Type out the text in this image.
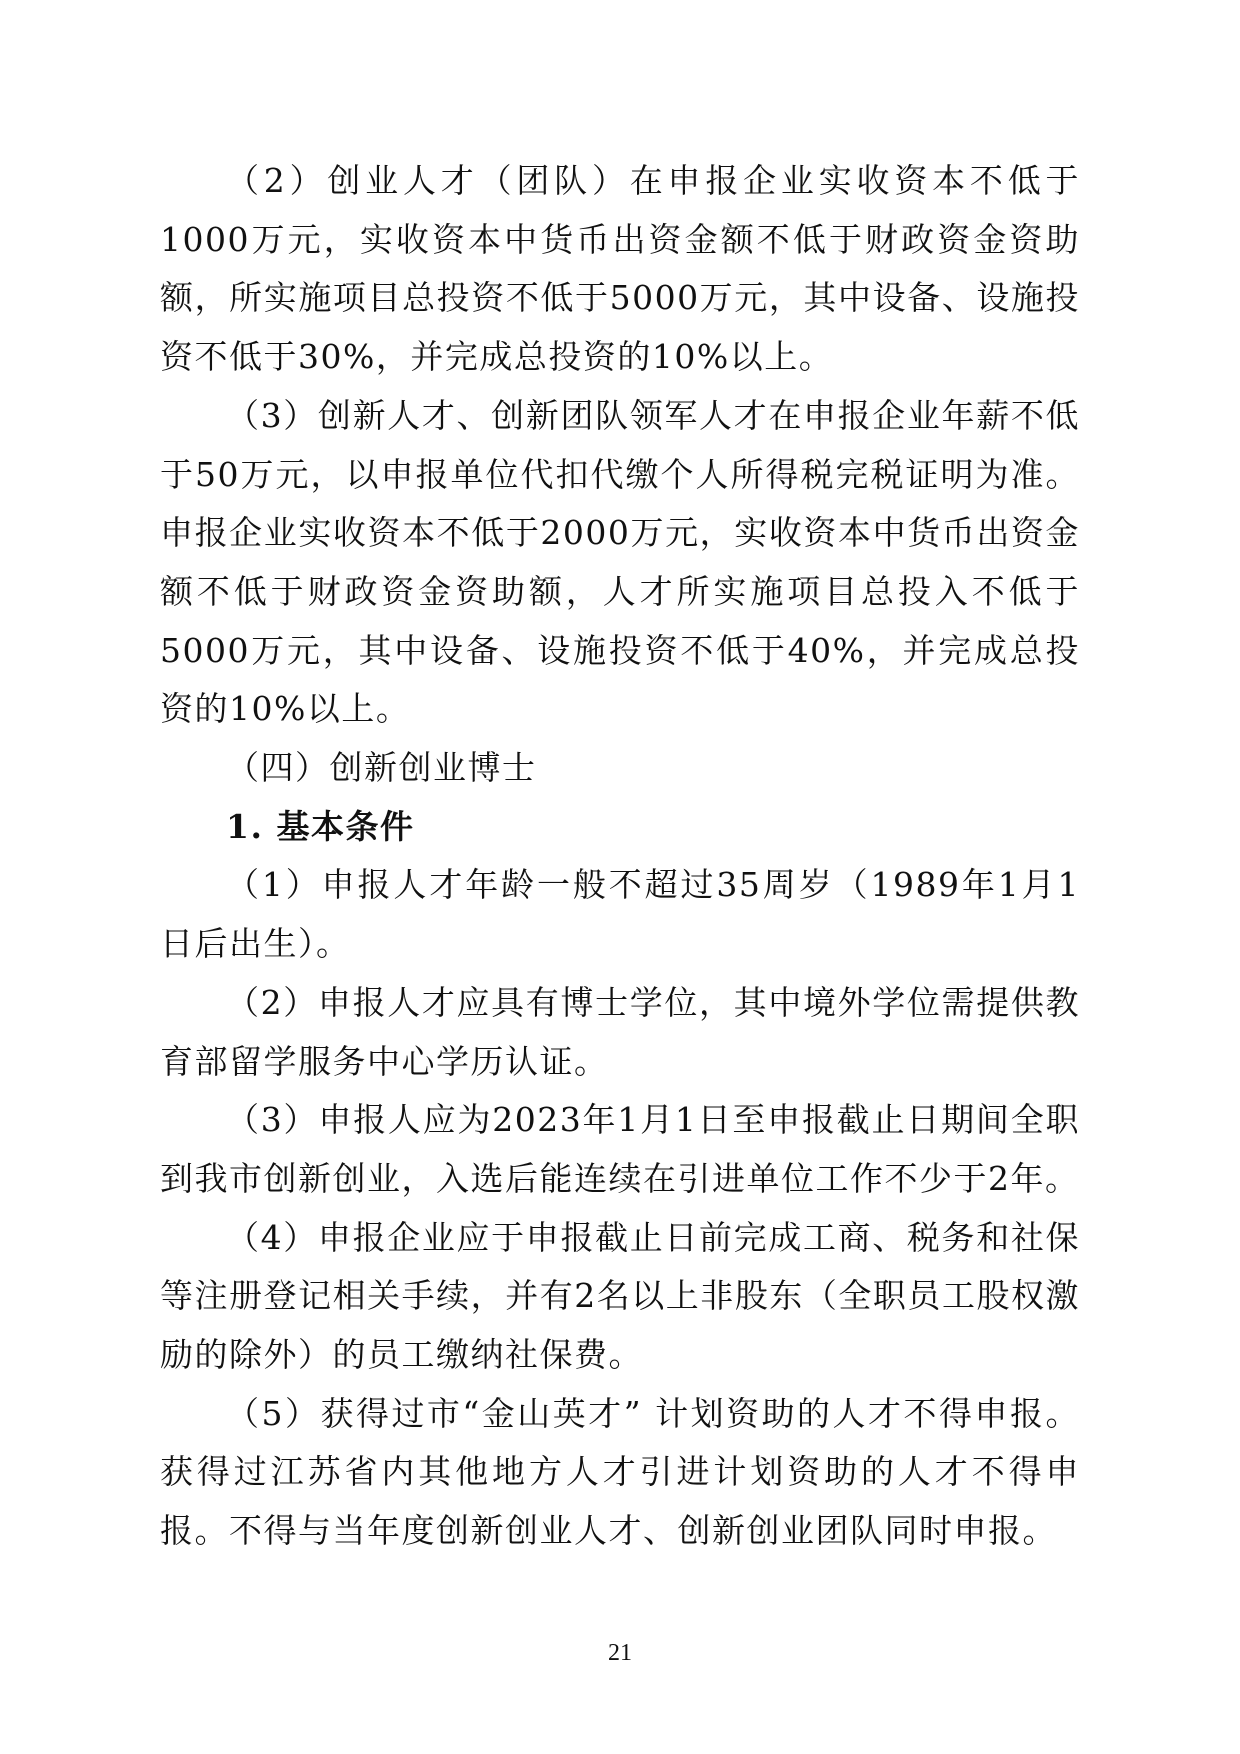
（2）创业人才（团队）在申报企业实收资本不低于1000万元，实收资本中货币出资金额不低于财政资金资助额，所实施项目总投资不低于5000万元，其中设备、设施投资不低于30%，并完成总投资的10%以上。

（3）创新人才、创新团队领军人才在申报企业年薪不低于50万元，以申报单位代扣代缴个人所得税完税证明为准。申报企业实收资本不低于2000万元，实收资本中货币出资金额不低于财政资金资助额，人才所实施项目总投入不低于5000万元，其中设备、设施投资不低于40%，并完成总投资的10%以上。

（四）创新创业博士

1. 基本条件

（1）申报人才年龄一般不超过35周岁（1989年1月1日后出生）。

（2）申报人才应具有博士学位，其中境外学位需提供教育部留学服务中心学历认证。

（3）申报人应为2023年1月1日至申报截止日期间全职到我市创新创业，入选后能连续在引进单位工作不少于2年。

（4）申报企业应于申报截止日前完成工商、税务和社保等注册登记相关手续，并有2名以上非股东（全职员工股权激励的除外）的员工缴纳社保费。

（5）获得过市“金山英才” 计划资助的人才不得申报。获得过江苏省内其他地方人才引进计划资助的人才不得申报。不得与当年度创新创业人才、创新创业团队同时申报。

21
